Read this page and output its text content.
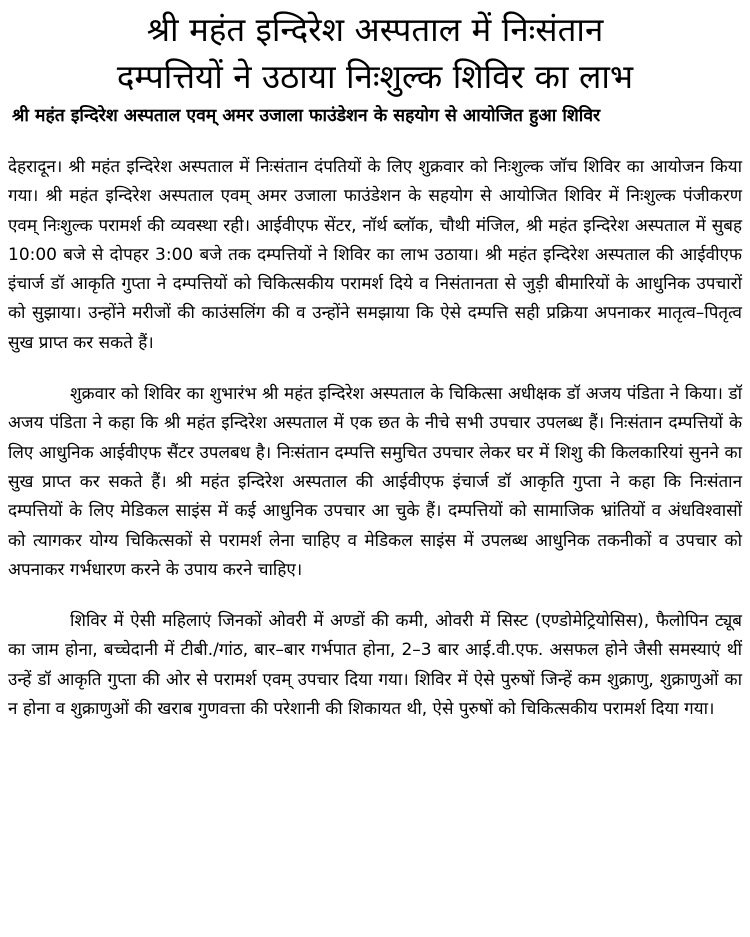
श्री महंत इन्दिरेश अस्पताल में निःसंतान
दम्पत्तियों ने उठाया निःशुल्क शिविर का लाभ

श्री महंत इन्दिरेश अस्पताल एवम् अमर उजाला फाउंडेशन के सहयोग से आयोजित हुआ शिविर

देहरादून। श्री महंत इन्दिरेश अस्पताल में निःसंतान दंपतियों के लिए शुक्रवार को निःशुल्क जॉच शिविर का आयोजन किया गया। श्री महंत इन्दिरेश अस्पताल एवम् अमर उजाला फाउंडेशन के सहयोग से आयोजित शिविर में निःशुल्क पंजीकरण एवम् निःशुल्क परामर्श की व्यवस्था रही। आईवीएफ सेंटर, नॉर्थ ब्लॉक, चौथी मंजिल, श्री महंत इन्दिरेश अस्पताल में सुबह 10:00 बजे से दोपहर 3:00 बजे तक दम्पत्तियों ने शिविर का लाभ उठाया। श्री महंत इन्दिरेश अस्पताल की आईवीएफ इंचार्ज डॉ आकृति गुप्ता ने दम्पत्तियों को चिकित्सकीय परामर्श दिये व निसंतानता से जुड़ी बीमारियों के आधुनिक उपचारों को सुझाया। उन्होंने मरीजों की काउंसलिंग की व उन्होंने समझाया कि ऐसे दम्पत्ति सही प्रक्रिया अपनाकर मातृत्व–पितृत्व सुख प्राप्त कर सकते हैं।

शुक्रवार को शिविर का शुभारंभ श्री महंत इन्दिरेश अस्पताल के चिकित्सा अधीक्षक डॉ अजय पंडिता ने किया। डॉ अजय पंडिता ने कहा कि श्री महंत इन्दिरेश अस्पताल में एक छत के नीचे सभी उपचार उपलब्ध हैं। निःसंतान दम्पत्तियों के लिए आधुनिक आईवीएफ सैंटर उपलबध है। निःसंतान दम्पत्ति समुचित उपचार लेकर घर में शिशु की किलकारियां सुनने का सुख प्राप्त कर सकते हैं। श्री महंत इन्दिरेश अस्पताल की आईवीएफ इंचार्ज डॉ आकृति गुप्ता ने कहा कि निःसंतान दम्पत्तियों के लिए मेडिकल साइंस में कई आधुनिक उपचार आ चुके हैं। दम्पत्तियों को सामाजिक भ्रांतियों व अंधविश्वासों को त्यागकर योग्य चिकित्सकों से परामर्श लेना चाहिए व मेडिकल साइंस में उपलब्ध आधुनिक तकनीकों व उपचार को अपनाकर गर्भधारण करने के उपाय करने चाहिए।

शिविर में ऐसी महिलाएं जिनकों ओवरी में अण्डों की कमी, ओवरी में सिस्ट (एण्डोमेट्रियोसिस), फैलोपिन ट्यूब का जाम होना, बच्चेदानी में टीबी./गांठ, बार–बार गर्भपात होना, 2–3 बार आई.वी.एफ. असफल होने जैसी समस्याएं थीं उन्हें डॉ आकृति गुप्ता की ओर से परामर्श एवम् उपचार दिया गया। शिविर में ऐसे पुरुषों जिन्हें कम शुक्राणु, शुक्राणुओं का न होना व शुक्राणुओं की खराब गुणवत्ता की परेशानी की शिकायत थी, ऐसे पुरुषों को चिकित्सकीय परामर्श दिया गया।
